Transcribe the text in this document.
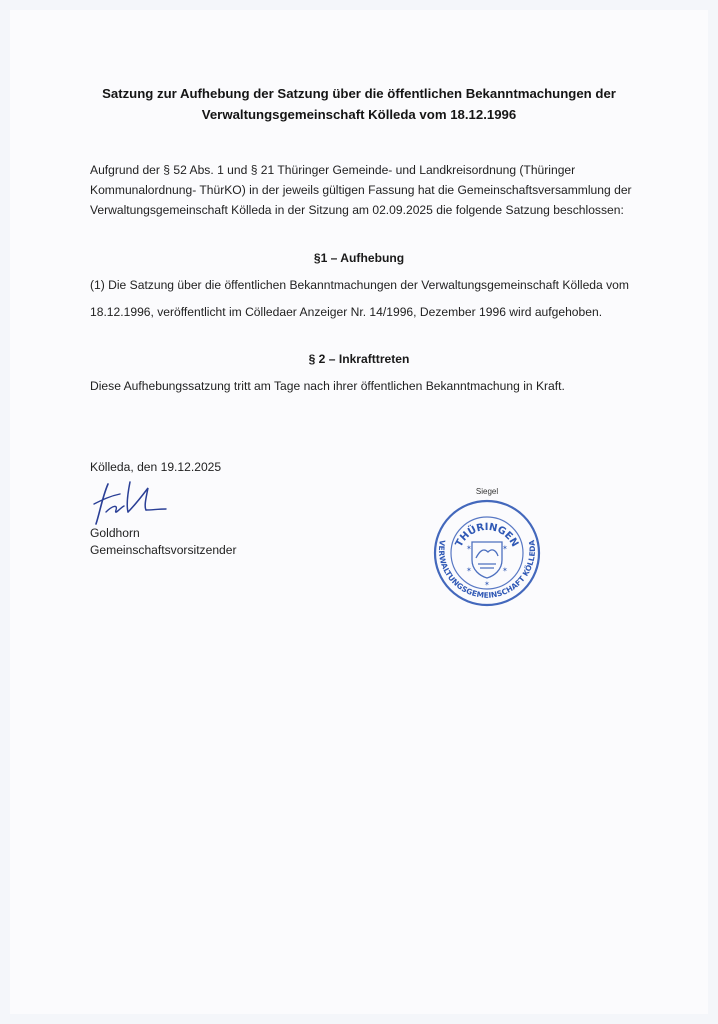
Satzung zur Aufhebung der Satzung über die öffentlichen Bekanntmachungen der
Verwaltungsgemeinschaft Kölleda vom 18.12.1996
Aufgrund der § 52 Abs. 1 und § 21 Thüringer Gemeinde- und Landkreisordnung (Thüringer
Kommunalordnung- ThürKO) in der jeweils gültigen Fassung hat die Gemeinschaftsversammlung der
Verwaltungsgemeinschaft Kölleda in der Sitzung am 02.09.2025 die folgende Satzung beschlossen:
§1 – Aufhebung
(1) Die Satzung über die öffentlichen Bekanntmachungen der Verwaltungsgemeinschaft Kölleda vom
18.12.1996, veröffentlicht im Cölledaer Anzeiger Nr. 14/1996, Dezember 1996 wird aufgehoben.
§ 2 – Inkrafttreten
Diese Aufhebungssatzung tritt am Tage nach ihrer öffentlichen Bekanntmachung in Kraft.
Kölleda, den 19.12.2025
Goldhorn
Gemeinschaftsvorsitzender
Siegel
THÜRINGEN
VERWALTUNGSGEMEINSCHAFT KÖLLEDA
✶	✶
✶	✶
✶
